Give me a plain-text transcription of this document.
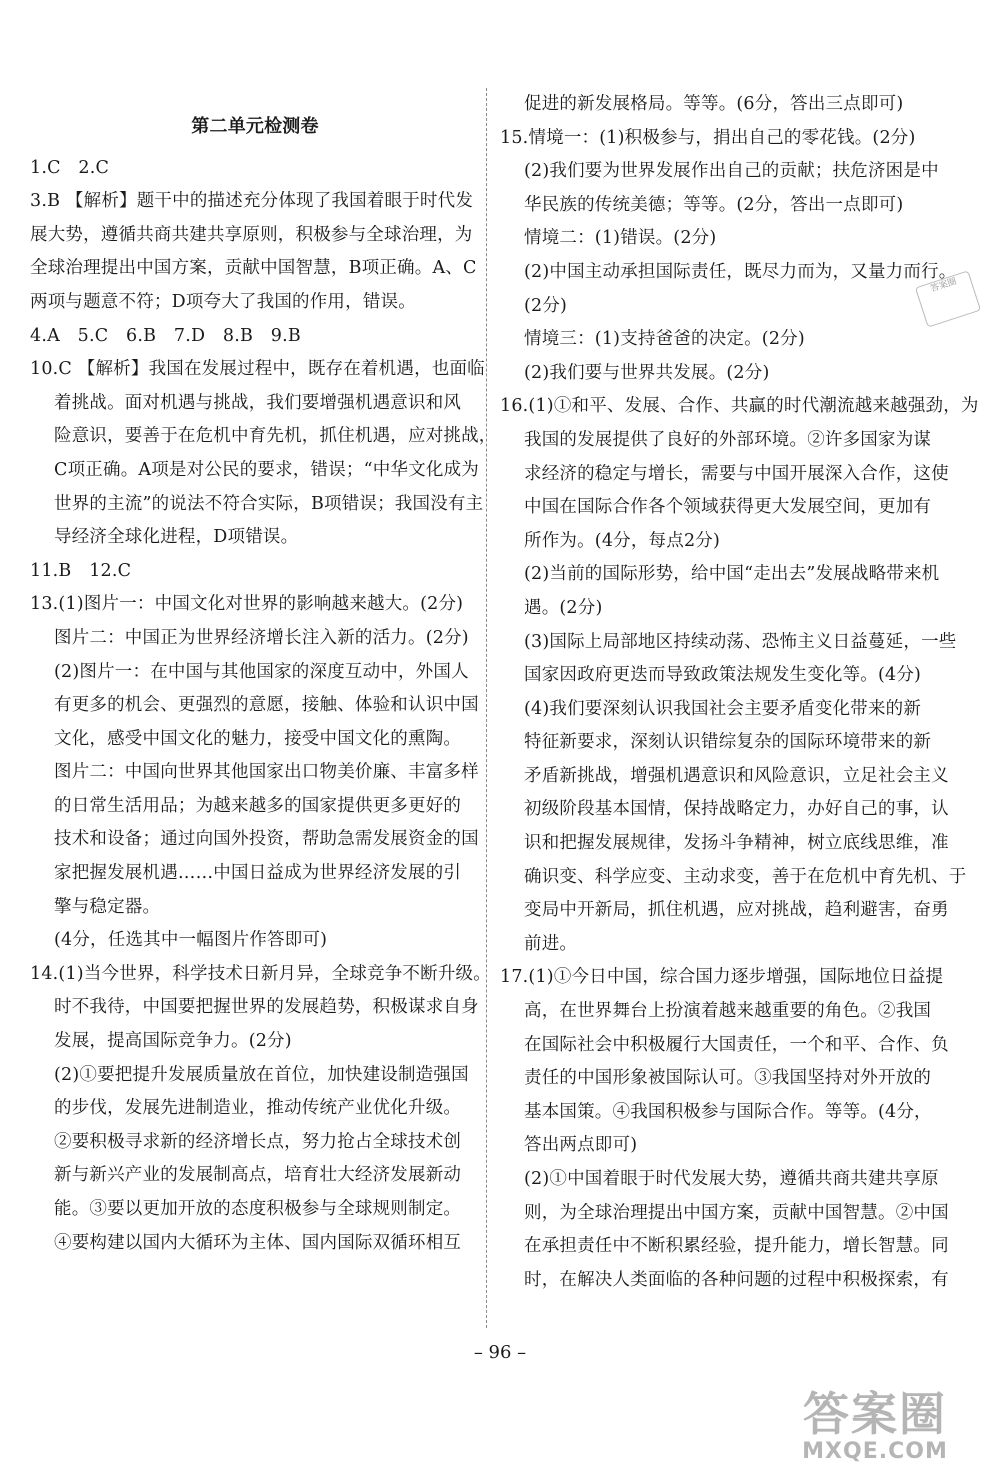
第二单元检测卷
1.C　2.C
3.B 【解析】题干中的描述充分体现了我国着眼于时代发
展大势，遵循共商共建共享原则，积极参与全球治理，为
全球治理提出中国方案，贡献中国智慧，B项正确。A、C
两项与题意不符；D项夸大了我国的作用，错误。
4.A　5.C　6.B　7.D　8.B　9.B
10.C 【解析】我国在发展过程中，既存在着机遇，也面临
着挑战。面对机遇与挑战，我们要增强机遇意识和风
险意识，要善于在危机中育先机，抓住机遇，应对挑战，
C项正确。A项是对公民的要求，错误；“中华文化成为
世界的主流”的说法不符合实际，B项错误；我国没有主
导经济全球化进程，D项错误。
11.B　12.C
13.(1)图片一：中国文化对世界的影响越来越大。(2分)
图片二：中国正为世界经济增长注入新的活力。(2分)
(2)图片一：在中国与其他国家的深度互动中，外国人
有更多的机会、更强烈的意愿，接触、体验和认识中国
文化，感受中国文化的魅力，接受中国文化的熏陶。
图片二：中国向世界其他国家出口物美价廉、丰富多样
的日常生活用品；为越来越多的国家提供更多更好的
技术和设备；通过向国外投资，帮助急需发展资金的国
家把握发展机遇……中国日益成为世界经济发展的引
擎与稳定器。
(4分，任选其中一幅图片作答即可)
14.(1)当今世界，科学技术日新月异，全球竞争不断升级。
时不我待，中国要把握世界的发展趋势，积极谋求自身
发展，提高国际竞争力。(2分)
(2)①要把提升发展质量放在首位，加快建设制造强国
的步伐，发展先进制造业，推动传统产业优化升级。
②要积极寻求新的经济增长点，努力抢占全球技术创
新与新兴产业的发展制高点，培育壮大经济发展新动
能。③要以更加开放的态度积极参与全球规则制定。
④要构建以国内大循环为主体、国内国际双循环相互
促进的新发展格局。等等。(6分，答出三点即可)
15.情境一：(1)积极参与，捐出自己的零花钱。(2分)
(2)我们要为世界发展作出自己的贡献；扶危济困是中
华民族的传统美德；等等。(2分，答出一点即可)
情境二：(1)错误。(2分)
(2)中国主动承担国际责任，既尽力而为，又量力而行。
(2分)
情境三：(1)支持爸爸的决定。(2分)
(2)我们要与世界共发展。(2分)
16.(1)①和平、发展、合作、共赢的时代潮流越来越强劲，为
我国的发展提供了良好的外部环境。②许多国家为谋
求经济的稳定与增长，需要与中国开展深入合作，这使
中国在国际合作各个领域获得更大发展空间，更加有
所作为。(4分，每点2分)
(2)当前的国际形势，给中国“走出去”发展战略带来机
遇。(2分)
(3)国际上局部地区持续动荡、恐怖主义日益蔓延，一些
国家因政府更迭而导致政策法规发生变化等。(4分)
(4)我们要深刻认识我国社会主要矛盾变化带来的新
特征新要求，深刻认识错综复杂的国际环境带来的新
矛盾新挑战，增强机遇意识和风险意识，立足社会主义
初级阶段基本国情，保持战略定力，办好自己的事，认
识和把握发展规律，发扬斗争精神，树立底线思维，准
确识变、科学应变、主动求变，善于在危机中育先机、于
变局中开新局，抓住机遇，应对挑战，趋利避害，奋勇
前进。
17.(1)①今日中国，综合国力逐步增强，国际地位日益提
高，在世界舞台上扮演着越来越重要的角色。②我国
在国际社会中积极履行大国责任，一个和平、合作、负
责任的中国形象被国际认可。③我国坚持对外开放的
基本国策。④我国积极参与国际合作。等等。(4分，
答出两点即可)
(2)①中国着眼于时代发展大势，遵循共商共建共享原
则，为全球治理提出中国方案，贡献中国智慧。②中国
在承担责任中不断积累经验，提升能力，增长智慧。同
时，在解决人类面临的各种问题的过程中积极探索，有
答案圈
– 96 –
答案圈
MXQE.COM
